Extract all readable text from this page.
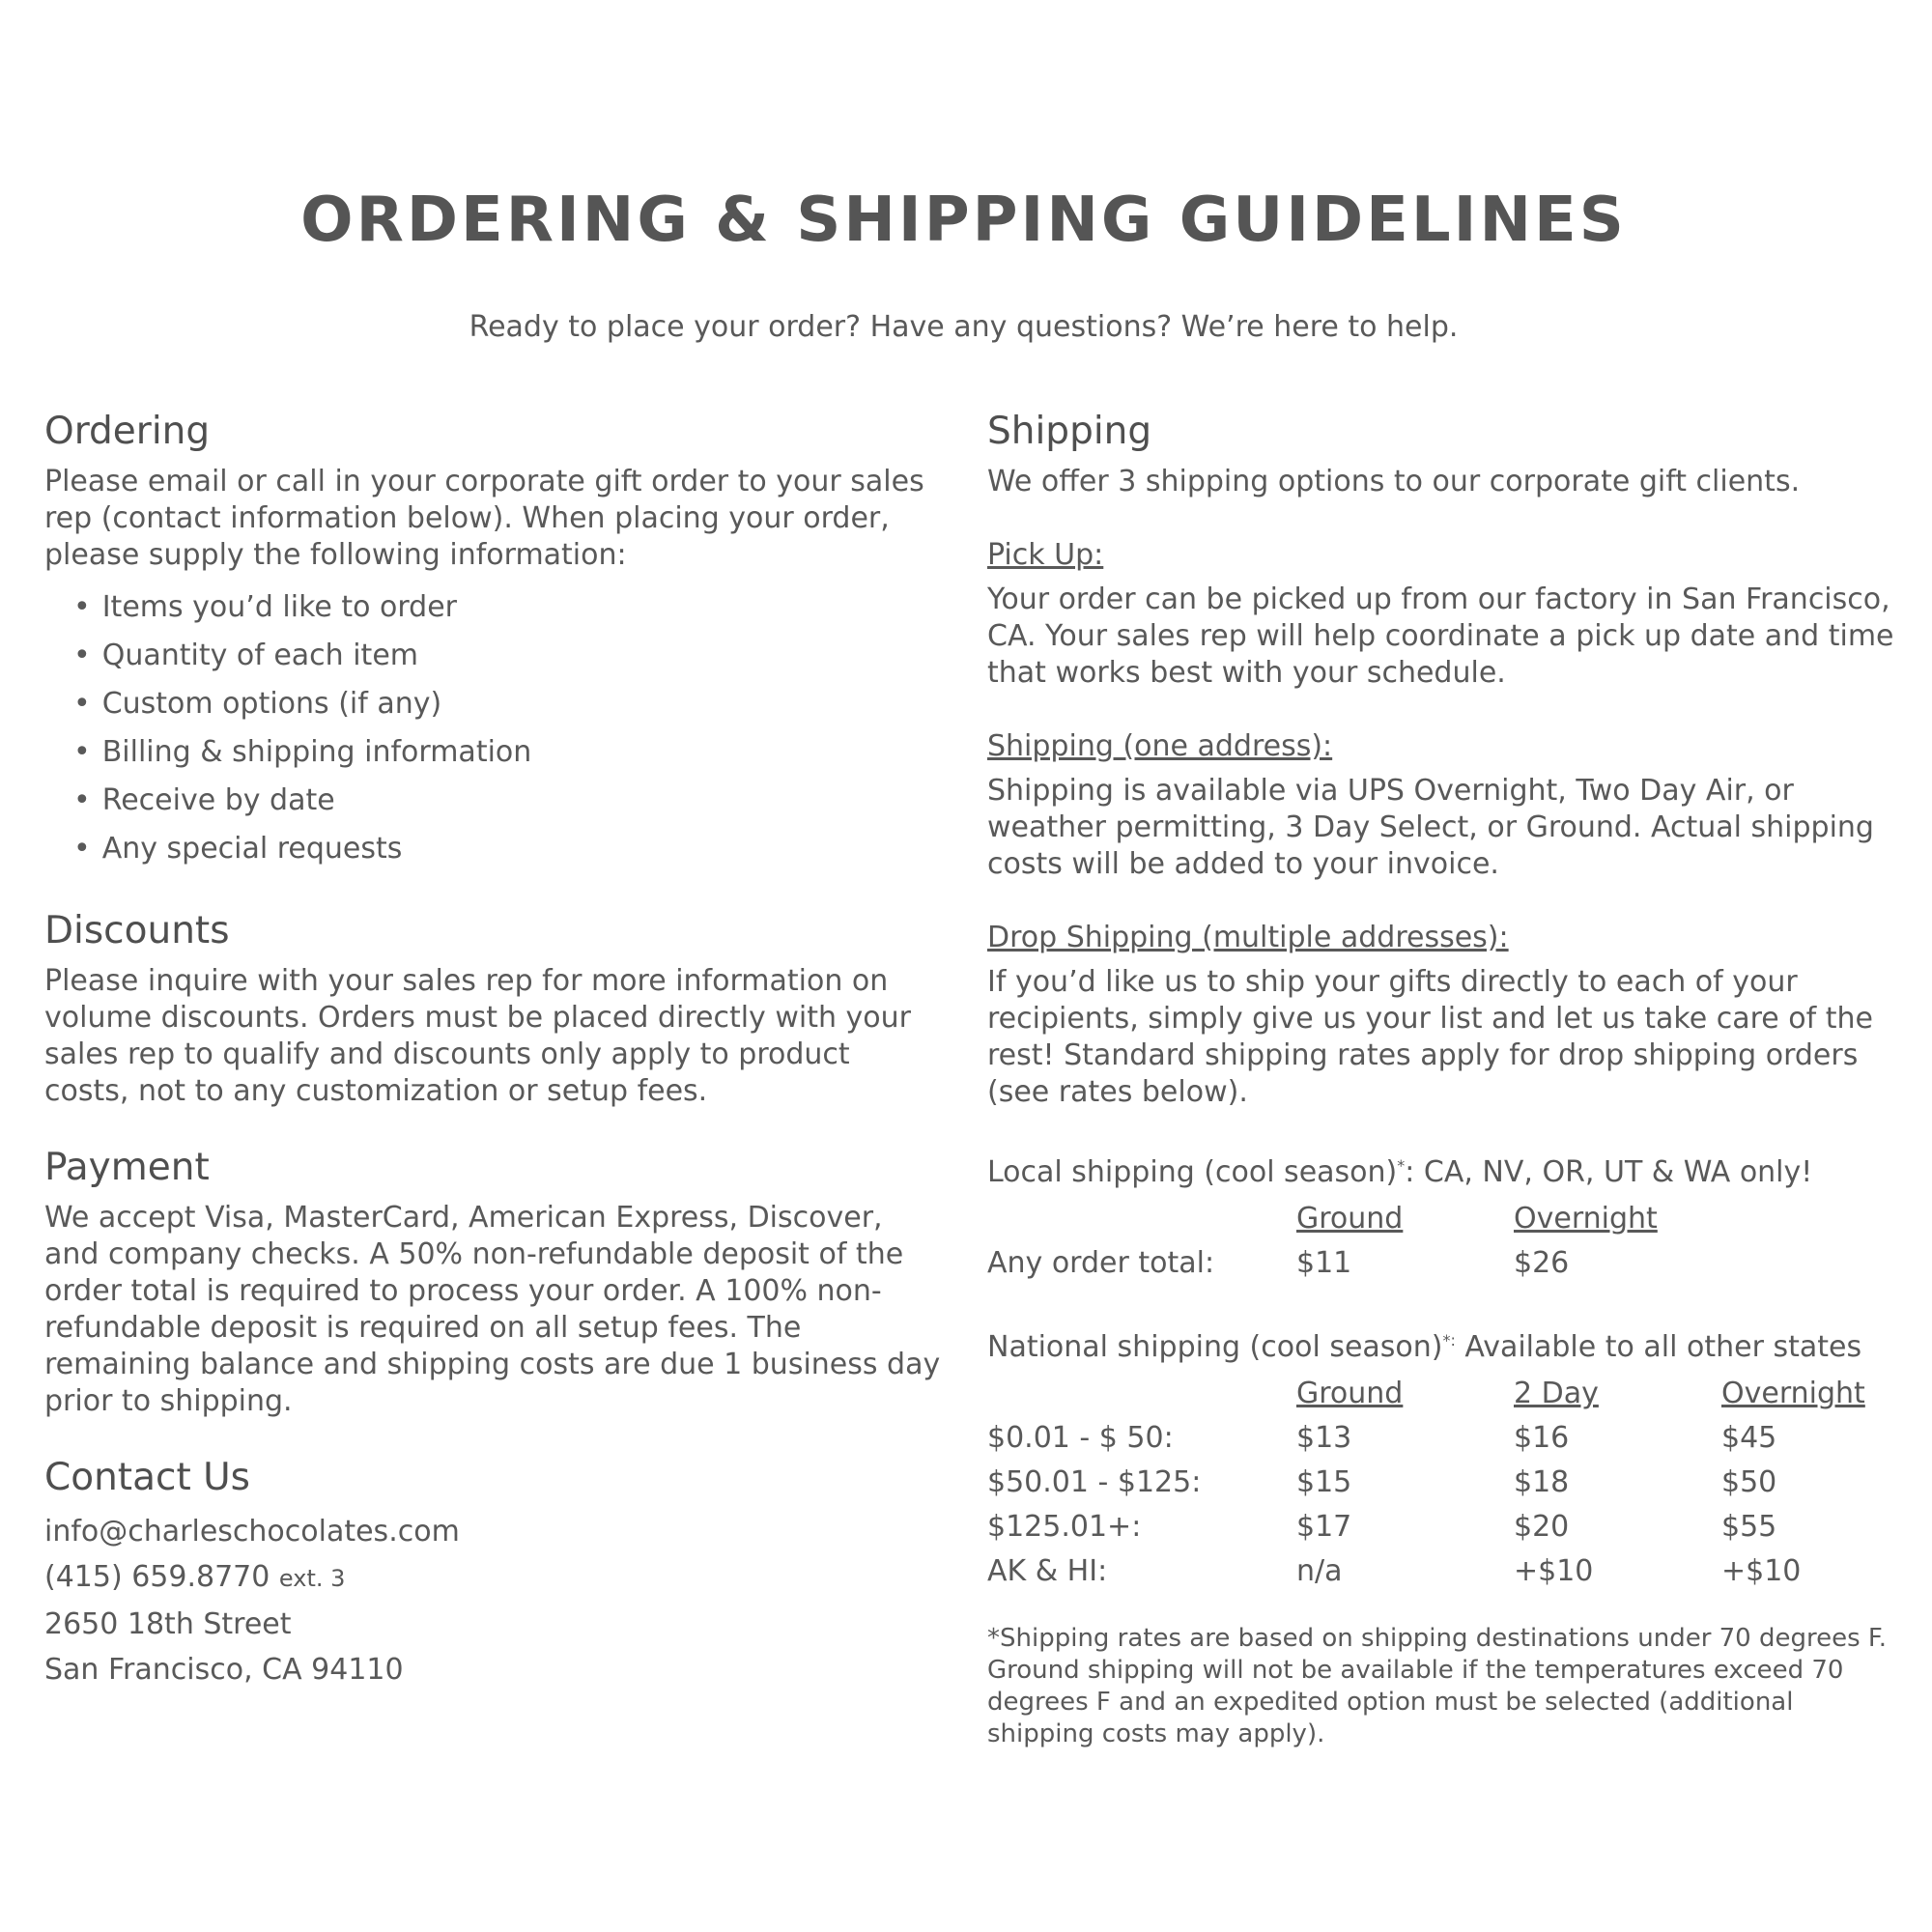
ORDERING & SHIPPING GUIDELINES

Ready to place your order? Have any questions? We’re here to help.

Ordering

Please email or call in your corporate gift order to your sales rep (contact information below). When placing your order, please supply the following information:

• Items you’d like to order
• Quantity of each item
• Custom options (if any)
• Billing & shipping information
• Receive by date
• Any special requests
Discounts

Please inquire with your sales rep for more information on volume discounts. Orders must be placed directly with your sales rep to qualify and discounts only apply to product costs, not to any customization or setup fees.

Payment

We accept Visa, MasterCard, American Express, Discover, and company checks. A 50% non-refundable deposit of the order total is required to process your order. A 100% non-refundable deposit is required on all setup fees. The remaining balance and shipping costs are due 1 business day prior to shipping.

Contact Us
info@charleschocolates.com
(415) 659.8770 ext. 3
2650 18th Street
San Francisco, CA 94110
Shipping

We offer 3 shipping options to our corporate gift clients.

Pick Up:

Your order can be picked up from our factory in San Francisco, CA. Your sales rep will help coordinate a pick up date and time that works best with your schedule.

Shipping (one address):

Shipping is available via UPS Overnight, Two Day Air, or weather permitting, 3 Day Select, or Ground. Actual shipping costs will be added to your invoice.

Drop Shipping (multiple addresses):

If you’d like us to ship your gifts directly to each of your recipients, simply give us your list and let us take care of the rest! Standard shipping rates apply for drop shipping orders (see rates below).

Local shipping (cool season)*: CA, NV, OR, UT & WA only!

	Ground	Overnight
Any order total:	$11	$26

National shipping (cool season)*: Available to all other states

	Ground	2 Day	Overnight
$0.01 - $ 50:	$13	$16	$45
$50.01 - $125:	$15	$18	$50
$125.01+:	$17	$20	$55
AK & HI:	n/a	+$10	+$10

*Shipping rates are based on shipping destinations under 70 degrees F. Ground shipping will not be available if the temperatures exceed 70 degrees F and an expedited option must be selected (additional shipping costs may apply).
